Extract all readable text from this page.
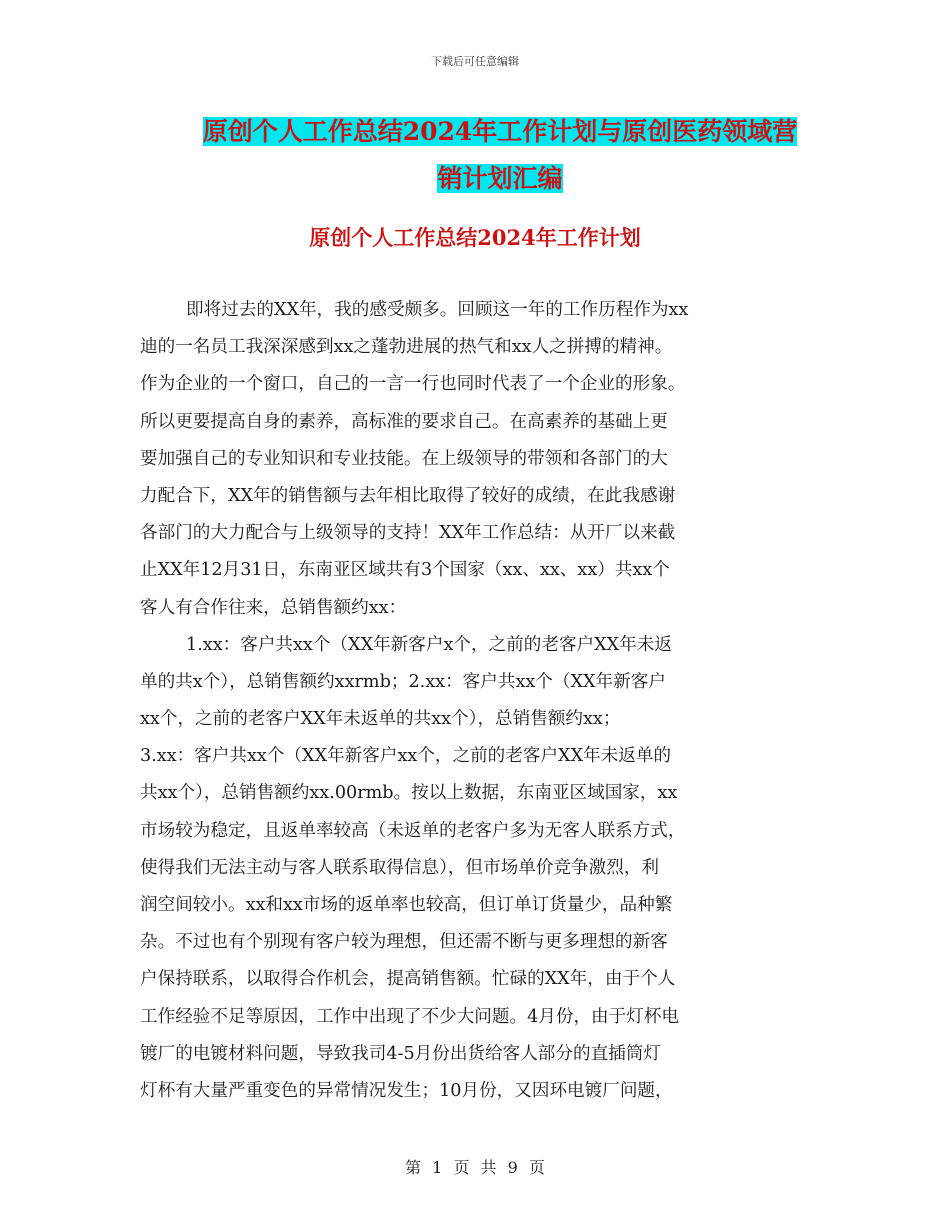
下载后可任意编辑
原创个人工作总结2024年工作计划与原创医药领域营
销计划汇编
原创个人工作总结2024年工作计划
即将过去的XX年，我的感受颇多。回顾这一年的工作历程作为xx
迪的一名员工我深深感到xx之蓬勃进展的热气和xx人之拼搏的精神。
作为企业的一个窗口，自己的一言一行也同时代表了一个企业的形象。
所以更要提高自身的素养，高标准的要求自己。在高素养的基础上更
要加强自己的专业知识和专业技能。在上级领导的带领和各部门的大
力配合下，XX年的销售额与去年相比取得了较好的成绩，在此我感谢
各部门的大力配合与上级领导的支持！XX年工作总结：从开厂以来截
止XX年12月31日，东南亚区域共有3个国家（xx、xx、xx）共xx个
客人有合作往来，总销售额约xx：
1.xx：客户共xx个（XX年新客户x个，之前的老客户XX年未返
单的共x个），总销售额约xxrmb；2.xx：客户共xx个（XX年新客户
xx个，之前的老客户XX年未返单的共xx个），总销售额约xx；
3.xx：客户共xx个（XX年新客户xx个，之前的老客户XX年未返单的
共xx个），总销售额约xx.00rmb。按以上数据，东南亚区域国家，xx
市场较为稳定，且返单率较高（未返单的老客户多为无客人联系方式，
使得我们无法主动与客人联系取得信息），但市场单价竞争激烈，利
润空间较小。xx和xx市场的返单率也较高，但订单订货量少，品种繁
杂。不过也有个别现有客户较为理想，但还需不断与更多理想的新客
户保持联系，以取得合作机会，提高销售额。忙碌的XX年，由于个人
工作经验不足等原因，工作中出现了不少大问题。4月份，由于灯杯电
镀厂的电镀材料问题，导致我司4-5月份出货给客人部分的直插筒灯
灯杯有大量严重变色的异常情况发生；10月份，又因环电镀厂问题，
第 1 页 共 9 页
